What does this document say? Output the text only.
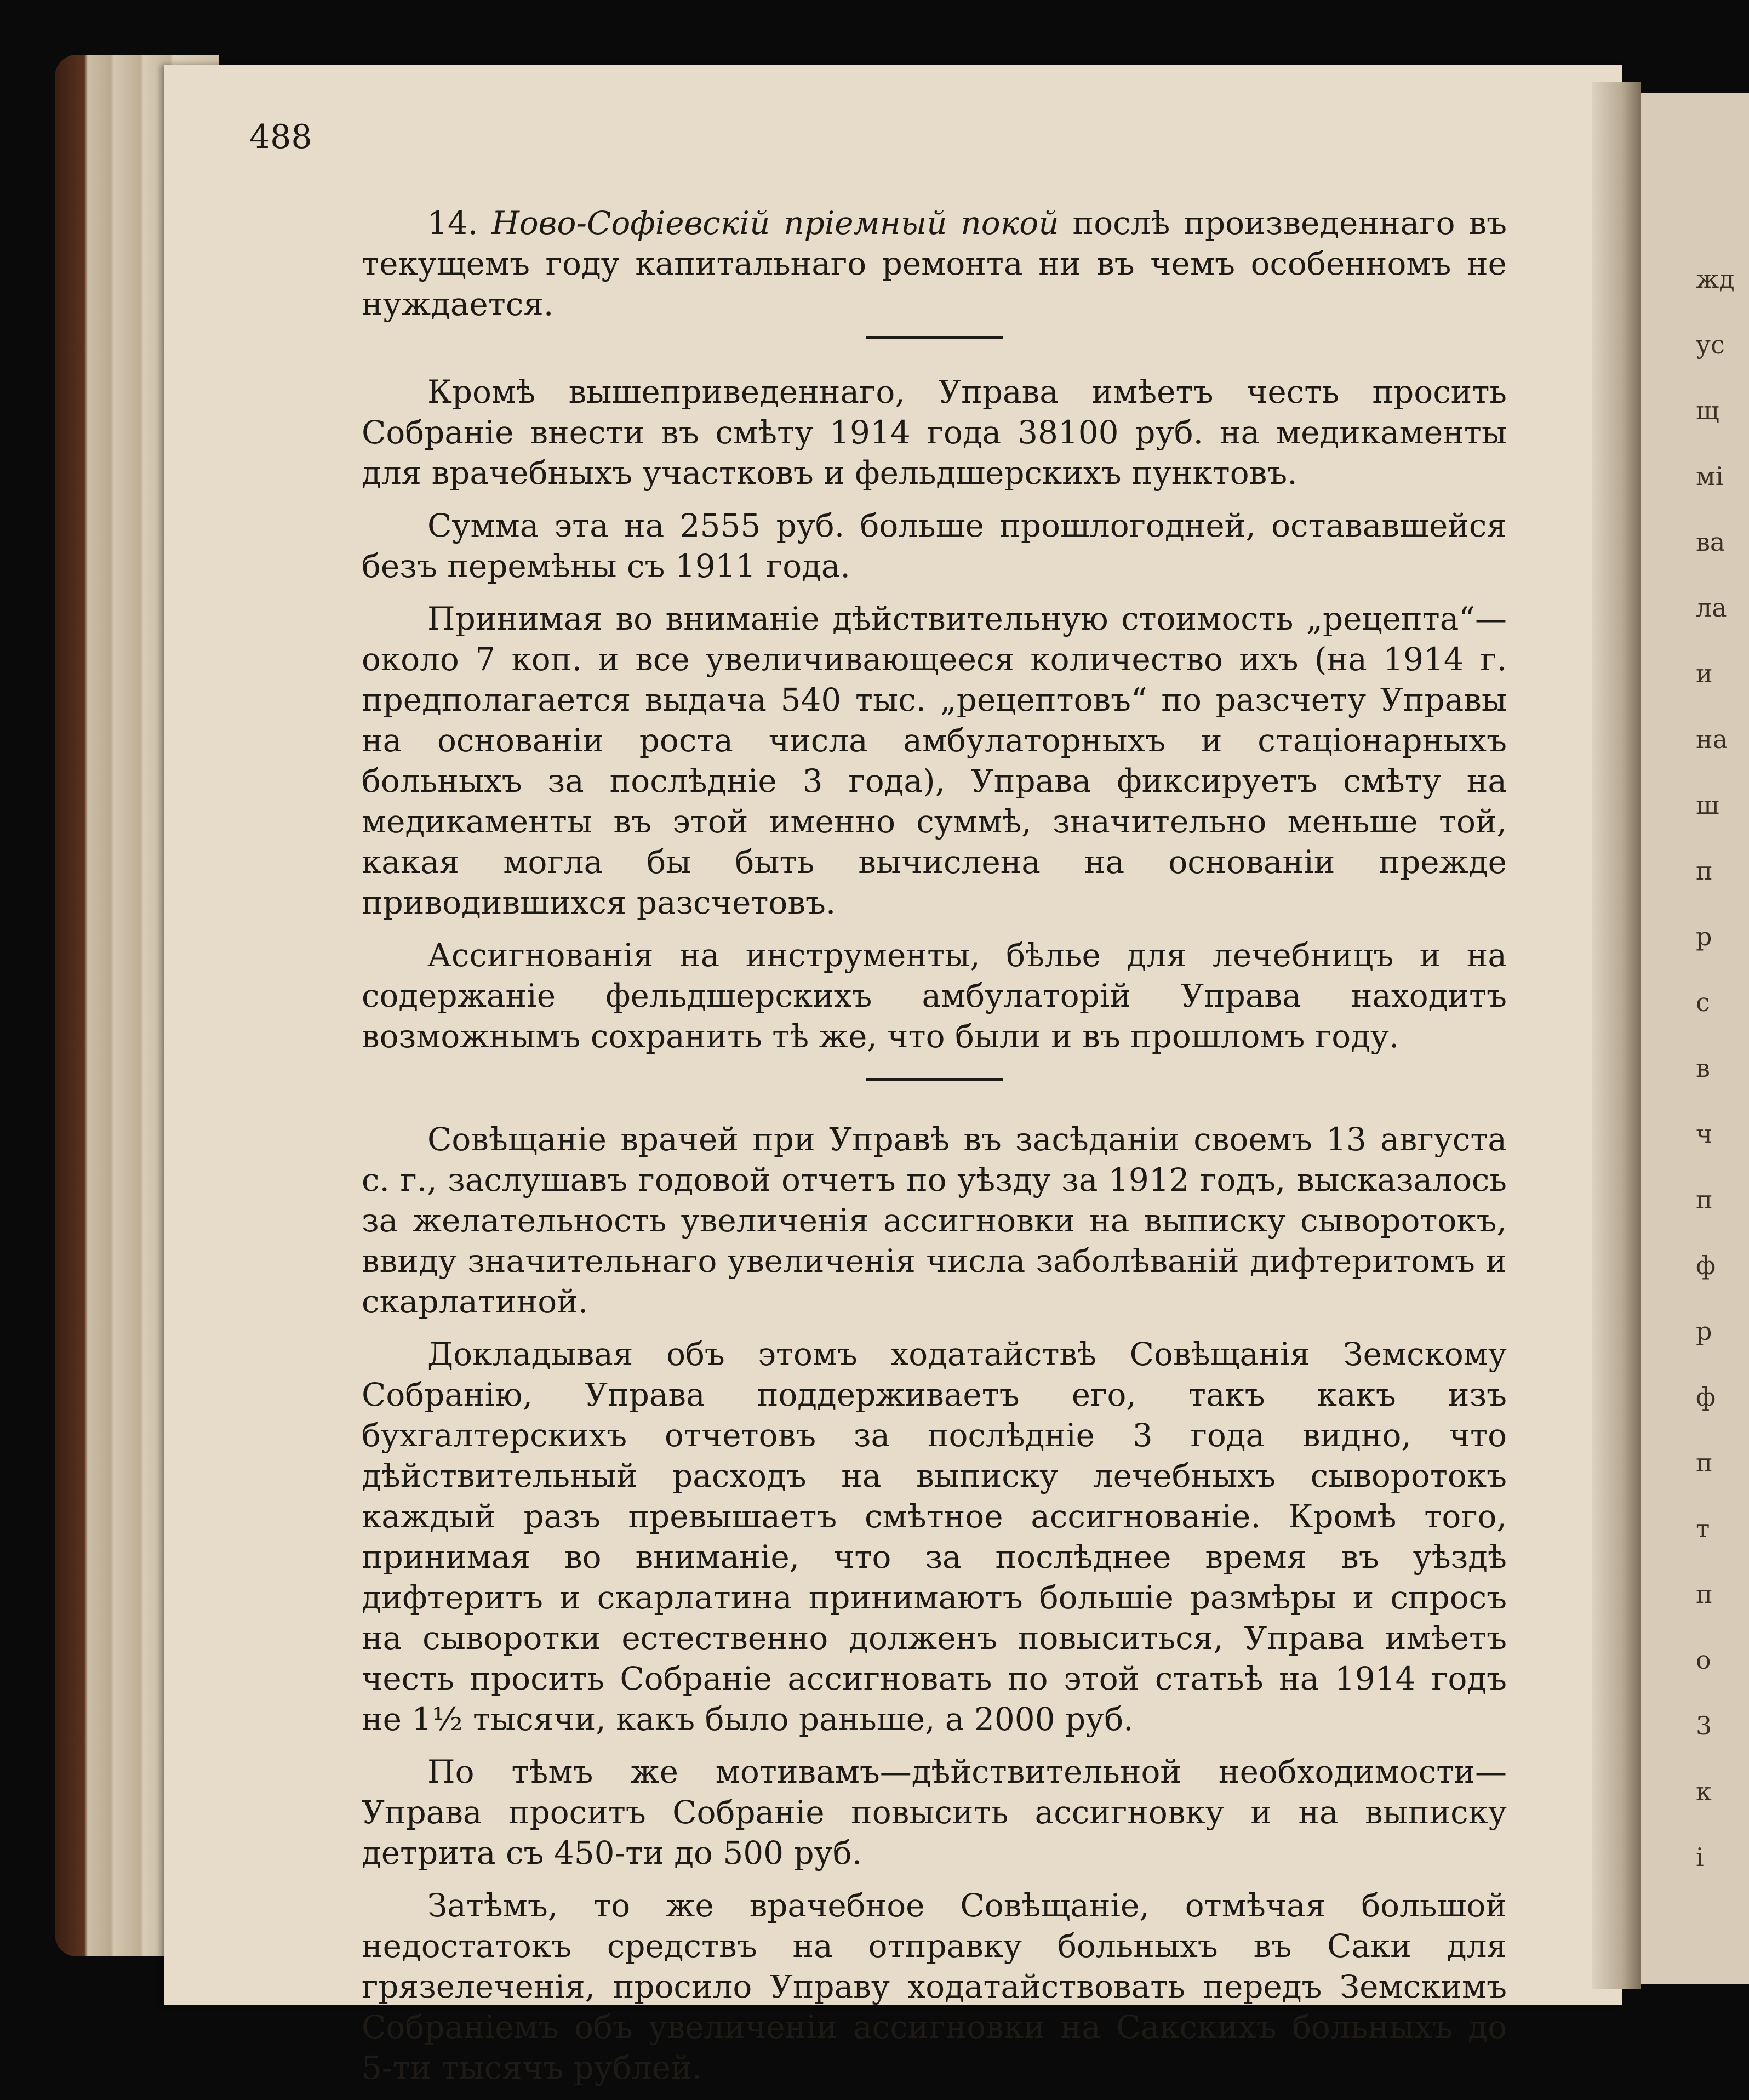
жд
ус
щ
мі
ва
ла
и
на
ш
п
р
с
в
ч
п
ф
р
ф
п
т
п
о
3
к
і
488

14. Ново-Софіевскій пріемный покой послѣ произведеннаго въ текущемъ году капитальнаго ремонта ни въ чемъ особенномъ не нуждается.

Кромѣ вышеприведеннаго, Управа имѣетъ честь просить Собраніе внести въ смѣту 1914 года 38100 руб. на медикаменты для врачебныхъ участковъ и фельдшерскихъ пунктовъ.

Сумма эта на 2555 руб. больше прошлогодней, остававшейся безъ перемѣны съ 1911 года.

Принимая во вниманіе дѣйствительную стоимость „рецепта“—около 7 коп. и все увеличивающееся количество ихъ (на 1914 г. предполагается выдача 540 тыс. „рецептовъ“ по разсчету Управы на основаніи роста числа амбулаторныхъ и стаціонарныхъ больныхъ за послѣдніе 3 года), Управа фиксируетъ смѣту на медикаменты въ этой именно суммѣ, значительно меньше той, какая могла бы быть вычислена на основаніи прежде приводившихся разсчетовъ.

Ассигнованія на инструменты, бѣлье для лечебницъ и на содержаніе фельдшерскихъ амбулаторій Управа находитъ возможнымъ сохранить тѣ же, что были и въ прошломъ году.

Совѣщаніе врачей при Управѣ въ засѣданіи своемъ 13 августа с. г., заслушавъ годовой отчетъ по уѣзду за 1912 годъ, высказалось за желательность увеличенія ассигновки на выписку сыворотокъ, ввиду значительнаго увеличенія числа заболѣваній дифтеритомъ и скарлатиной.

Докладывая объ этомъ ходатайствѣ Совѣщанія Земскому Собранію, Управа поддерживаетъ его, такъ какъ изъ бухгалтерскихъ отчетовъ за послѣдніе 3 года видно, что дѣйствительный расходъ на выписку лечебныхъ сыворотокъ каждый разъ превышаетъ смѣтное ассигнованіе. Кромѣ того, принимая во вниманіе, что за послѣднее время въ уѣздѣ дифтеритъ и скарлатина принимаютъ большіе размѣры и спросъ на сыворотки естественно долженъ повыситься, Управа имѣетъ честь просить Собраніе ассигновать по этой статьѣ на 1914 годъ не 1½ тысячи, какъ было раньше, а 2000 руб.

По тѣмъ же мотивамъ—дѣйствительной необходимости—Управа проситъ Собраніе повысить ассигновку и на выписку детрита съ 450-ти до 500 руб.

Затѣмъ, то же врачебное Совѣщаніе, отмѣчая большой недостатокъ средствъ на отправку больныхъ въ Саки для грязелеченія, просило Управу ходатайствовать передъ Земскимъ Собраніемъ объ увеличеніи ассигновки на Сакскихъ больныхъ до 5-ти тысячъ рублей.
